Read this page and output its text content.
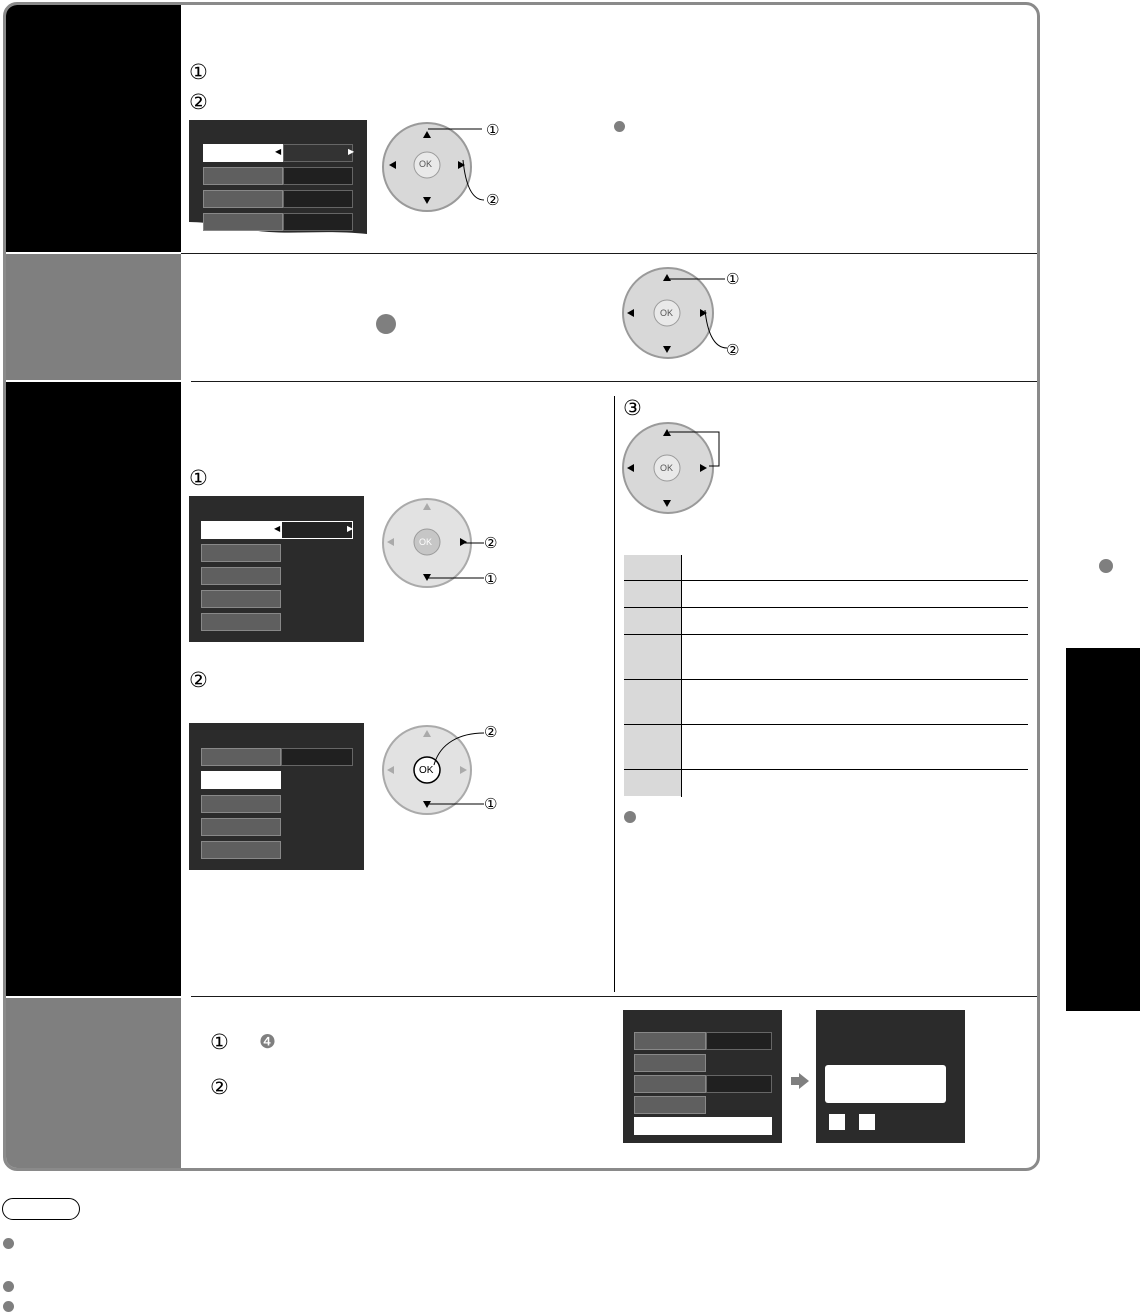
①
②
◀	▶
OK
①
②
OK
①
②
①
◀	▶
OK	②
①
②
OK
②
①
③
OK
① ❹
②
